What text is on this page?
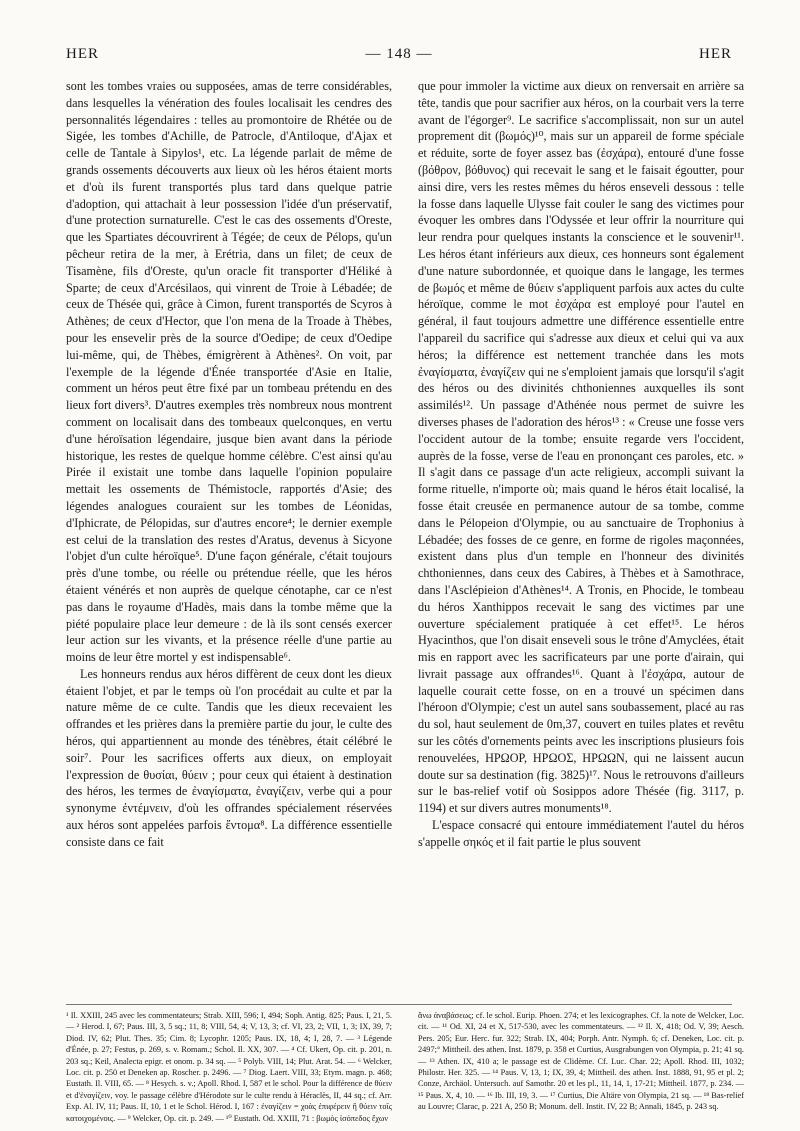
HER	— 148 —	HER

sont les tombes vraies ou supposées, amas de terre considérables, dans lesquelles la vénération des foules localisait les cendres des personnalités légendaires : telles au promontoire de Rhétée ou de Sigée, les tombes d'Achille, de Patrocle, d'Antiloque, d'Ajax et celle de Tantale à Sipylos¹, etc. La légende parlait de même de grands ossements découverts aux lieux où les héros étaient morts et d'où ils furent transportés plus tard dans quelque patrie d'adoption, qui attachait à leur possession l'idée d'un préservatif, d'une protection surnaturelle. C'est le cas des ossements d'Oreste, que les Spartiates découvrirent à Tégée; de ceux de Pélops, qu'un pêcheur retira de la mer, à Erétria, dans un filet; de ceux de Tisamène, fils d'Oreste, qu'un oracle fit transporter d'Héliké à Sparte; de ceux d'Arcésilaos, qui vinrent de Troie à Lébadée; de ceux de Thésée qui, grâce à Cimon, furent transportés de Scyros à Athènes; de ceux d'Hector, que l'on mena de la Troade à Thèbes, pour les ensevelir près de la source d'Oedipe; de ceux d'Oedipe lui-même, qui, de Thèbes, émigrèrent à Athènes². On voit, par l'exemple de la légende d'Énée transportée d'Asie en Italie, comment un héros peut être fixé par un tombeau prétendu en des lieux fort divers³. D'autres exemples très nombreux nous montrent comment on localisait dans des tombeaux quelconques, en vertu d'une héroïsation légendaire, jusque bien avant dans la période historique, les restes de quelque homme célèbre. C'est ainsi qu'au Pirée il existait une tombe dans laquelle l'opinion populaire mettait les ossements de Thémistocle, rapportés d'Asie; des légendes analogues couraient sur les tombes de Léonidas, d'Iphicrate, de Pélopidas, sur d'autres encore⁴; le dernier exemple est celui de la translation des restes d'Aratus, devenus à Sicyone l'objet d'un culte héroïque⁵. D'une façon générale, c'était toujours près d'une tombe, ou réelle ou prétendue réelle, que les héros étaient vénérés et non auprès de quelque cénotaphe, car ce n'est pas dans le royaume d'Hadès, mais dans la tombe même que la piété populaire place leur demeure : de là ils sont censés exercer leur action sur les vivants, et la présence réelle d'une partie au moins de leur être mortel y est indispensable⁶.

Les honneurs rendus aux héros diffèrent de ceux dont les dieux étaient l'objet, et par le temps où l'on procédait au culte et par la nature même de ce culte. Tandis que les dieux recevaient les offrandes et les prières dans la première partie du jour, le culte des héros, qui appartiennent au monde des ténèbres, était célébré le soir⁷. Pour les sacrifices offerts aux dieux, on employait l'expression de θυσίαι, θύειν ; pour ceux qui étaient à destination des héros, les termes de ἐναγίσματα, ἐναγίζειν, verbe qui a pour synonyme ἐντέμνειν, d'où les offrandes spécialement réservées aux héros sont appelées parfois ἔντομα⁸. La différence essentielle consiste dans ce fait

que pour immoler la victime aux dieux on renversait en arrière sa tête, tandis que pour sacrifier aux héros, on la courbait vers la terre avant de l'égorger⁹. Le sacrifice s'accomplissait, non sur un autel proprement dit (βωμός)¹⁰, mais sur un appareil de forme spéciale et réduite, sorte de foyer assez bas (ἐσχάρα), entouré d'une fosse (βόθρον, βόθυνος) qui recevait le sang et le faisait égoutter, pour ainsi dire, vers les restes mêmes du héros enseveli dessous : telle la fosse dans laquelle Ulysse fait couler le sang des victimes pour évoquer les ombres dans l'Odyssée et leur offrir la nourriture qui leur rendra pour quelques instants la conscience et le souvenir¹¹. Les héros étant inférieurs aux dieux, ces honneurs sont également d'une nature subordonnée, et quoique dans le langage, les termes de βωμός et même de θύειν s'appliquent parfois aux actes du culte héroïque, comme le mot ἐσχάρα est employé pour l'autel en général, il faut toujours admettre une différence essentielle entre l'appareil du sacrifice qui s'adresse aux dieux et celui qui va aux héros; la différence est nettement tranchée dans les mots ἐναγίσματα, ἐναγίζειν qui ne s'emploient jamais que lorsqu'il s'agit des héros ou des divinités chthoniennes auxquelles ils sont assimilés¹². Un passage d'Athénée nous permet de suivre les diverses phases de l'adoration des héros¹³ : « Creuse une fosse vers l'occident autour de la tombe; ensuite regarde vers l'occident, auprès de la fosse, verse de l'eau en prononçant ces paroles, etc. » Il s'agit dans ce passage d'un acte religieux, accompli suivant la forme rituelle, n'importe où; mais quand le héros était localisé, la fosse était creusée en permanence autour de sa tombe, comme dans le Pélopeion d'Olympie, ou au sanctuaire de Trophonius à Lébadée; des fosses de ce genre, en forme de rigoles maçonnées, existent dans plus d'un temple en l'honneur des divinités chthoniennes, dans ceux des Cabires, à Thèbes et à Samothrace, dans l'Asclépieion d'Athènes¹⁴. A Tronis, en Phocide, le tombeau du héros Xanthippos recevait le sang des victimes par une ouverture spécialement pratiquée à cet effet¹⁵. Le héros Hyacinthos, que l'on disait enseveli sous le trône d'Amyclées, était mis en rapport avec les sacrificateurs par une porte d'airain, qui livrait passage aux offrandes¹⁶. Quant à l'ἐσχάρα, autour de laquelle courait cette fosse, on en a trouvé un spécimen dans l'héroon d'Olympie; c'est un autel sans soubassement, placé au ras du sol, haut seulement de 0m,37, couvert en tuiles plates et revêtu sur les côtés d'ornements peints avec les inscriptions plusieurs fois renouvelées, ΗΡΩΟΡ, ΗΡΩΟΣ, ΗΡΩΩΝ, qui ne laissent aucun doute sur sa destination (fig. 3825)¹⁷. Nous le retrouvons d'ailleurs sur le bas-relief votif où Sosippos adore Thésée (fig. 3117, p. 1194) et sur divers autres monuments¹⁸.

L'espace consacré qui entoure immédiatement l'autel du héros s'appelle σηκός et il fait partie le plus souvent

¹ Il. XXIII, 245 avec les commentateurs; Strab. XIII, 596; I, 494; Soph. Antig. 825; Paus. I, 21, 5. — ² Herod. I, 67; Paus. III, 3, 5 sq.; 11, 8; VIII, 54, 4; V, 13, 3; cf. VI, 23, 2; VII, 1, 3; IX, 39, 7; Diod. IV, 62; Plut. Thes. 35; Cim. 8; Lycophr. 1205; Paus. IX, 18, 4; I, 28, 7. — ³ Légende d'Énée, p. 27; Festus, p. 269, s. v. Romam.; Schol. Il. XX, 307. — ⁴ Cf. Ukert, Op. cit. p. 201, n. 203 sq.; Keil, Analecta epigr. et onom. p. 34 sq. — ⁵ Polyb. VIII, 14; Plut. Arat. 54. — ⁶ Welcker, Loc. cit. p. 250 et Deneken ap. Roscher. p. 2496. — ⁷ Diog. Laert. VIII, 33; Etym. magn. p. 468; Eustath. Il. VIII, 65. — ⁸ Hesych. s. v.; Apoll. Rhod. I, 587 et le schol. Pour la différence de θύειν et d'ἐναγίζειν, voy. le passage célèbre d'Hérodote sur le culte rendu à Héraclès, II, 44 sq.; cf. Arr. Exp. Al. IV, 11; Paus. II, 10, 1 et le Schol. Hérod. I, 167 : ἐναγίζειν = χοὰς ἐπιφέρειν ἢ θύειν τοῖς κατοιχομένοις. — ⁹ Welcker, Op. cit. p. 249. — ¹⁰ Eustath. Od. XXIII, 71 : βωμὸς ἰσόπεδος ἔχων

ἄνω ἀναβάσεως; cf. le schol. Eurip. Phoen. 274; et les lexicographes. Cf. la note de Welcker, Loc. cit. — ¹¹ Od. XI, 24 et X, 517-530, avec les commentateurs. — ¹² Il. X, 418; Od. V, 39; Aesch. Pers. 205; Eur. Herc. fur. 322; Strab. IX, 404; Porph. Antr. Nymph. 6; cf. Deneken, Loc. cit. p. 2497;° Mittheil. des athen. Inst. 1879, p. 358 et Curtius, Ausgrabungen von Olympia, p. 21; 41 sq. — ¹³ Athen. IX, 410 a; le passage est de Clidème. Cf. Luc. Char. 22; Apoll. Rhod. III, 1032; Philostr. Her. 325. — ¹⁴ Paus. V, 13, 1; IX, 39, 4; Mittheil. des athen. Inst. 1888, 91, 95 et pl. 2; Conze, Archäol. Untersuch. auf Samothr. 20 et les pl., 11, 14, 1, 17-21; Mittheil. 1877, p. 234. — ¹⁵ Paus. X, 4, 10. — ¹⁶ Ib. III, 19, 3. — ¹⁷ Curtius, Die Altäre von Olympia, 21 sq. — ¹⁸ Bas-relief au Louvre; Clarac, p. 221 A, 250 B; Monum. dell. Instit. IV, 22 B; Annali, 1845, p. 243 sq.
